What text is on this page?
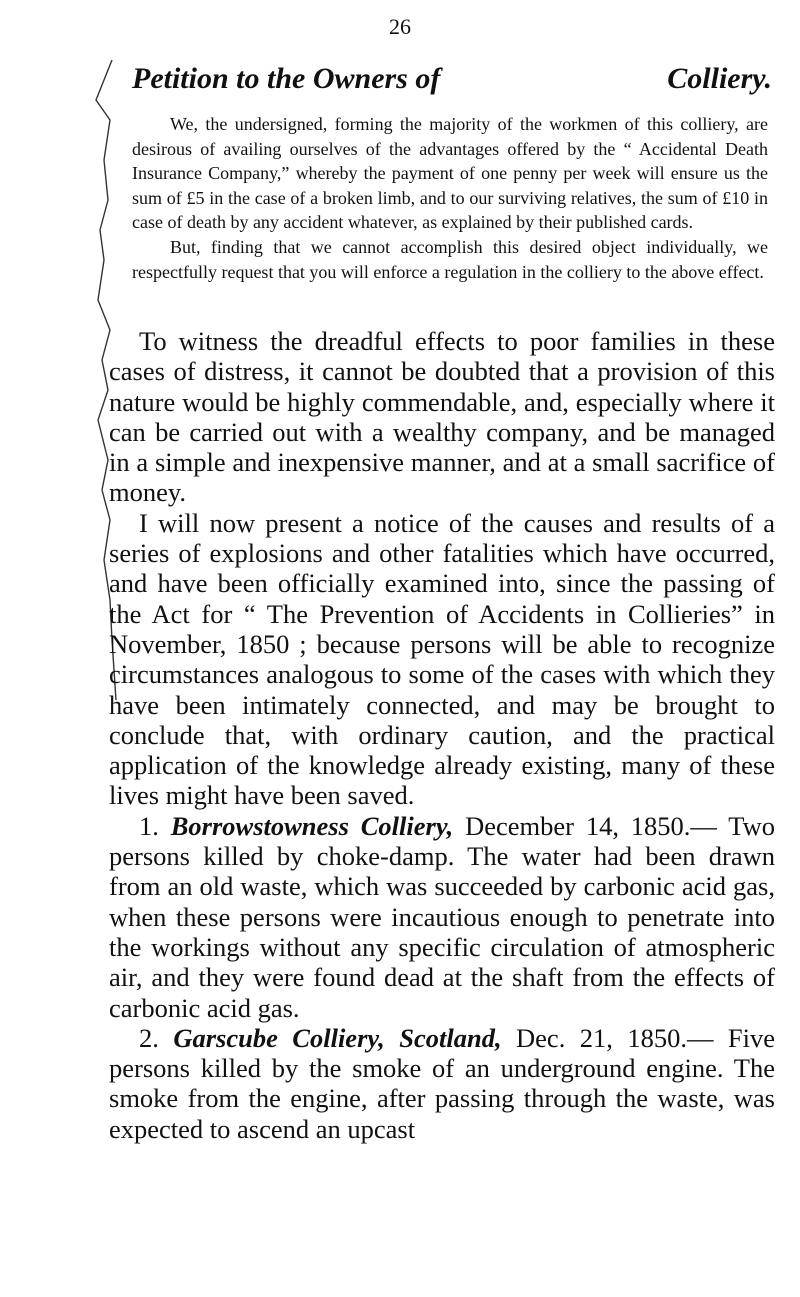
26
Petition to the Owners of	Colliery.

We, the undersigned, forming the majority of the workmen of this colliery, are desirous of availing ourselves of the advantages offered by the “ Accidental Death Insurance Company,” whereby the payment of one penny per week will ensure us the sum of £5 in the case of a broken limb, and to our surviving relatives, the sum of £10 in case of death by any accident whatever, as explained by their published cards.

But, finding that we cannot accomplish this desired object individually, we respectfully request that you will enforce a regulation in the colliery to the above effect.

To witness the dreadful effects to poor families in these cases of distress, it cannot be doubted that a provision of this nature would be highly commendable, and, especially where it can be carried out with a wealthy company, and be managed in a simple and inexpensive manner, and at a small sacrifice of money.

I will now present a notice of the causes and results of a series of explosions and other fatalities which have occurred, and have been officially examined into, since the passing of the Act for “ The Prevention of Accidents in Collieries” in November, 1850 ; because persons will be able to recognize circumstances analogous to some of the cases with which they have been intimately connected, and may be brought to conclude that, with ordinary caution, and the practical application of the knowledge already existing, many of these lives might have been saved.

1. Borrowstowness Colliery, December 14, 1850.— Two persons killed by choke-damp. The water had been drawn from an old waste, which was succeeded by carbonic acid gas, when these persons were incautious enough to penetrate into the workings without any specific circulation of atmospheric air, and they were found dead at the shaft from the effects of carbonic acid gas.

2. Garscube Colliery, Scotland, Dec. 21, 1850.— Five persons killed by the smoke of an underground engine. The smoke from the engine, after passing through the waste, was expected to ascend an upcast
